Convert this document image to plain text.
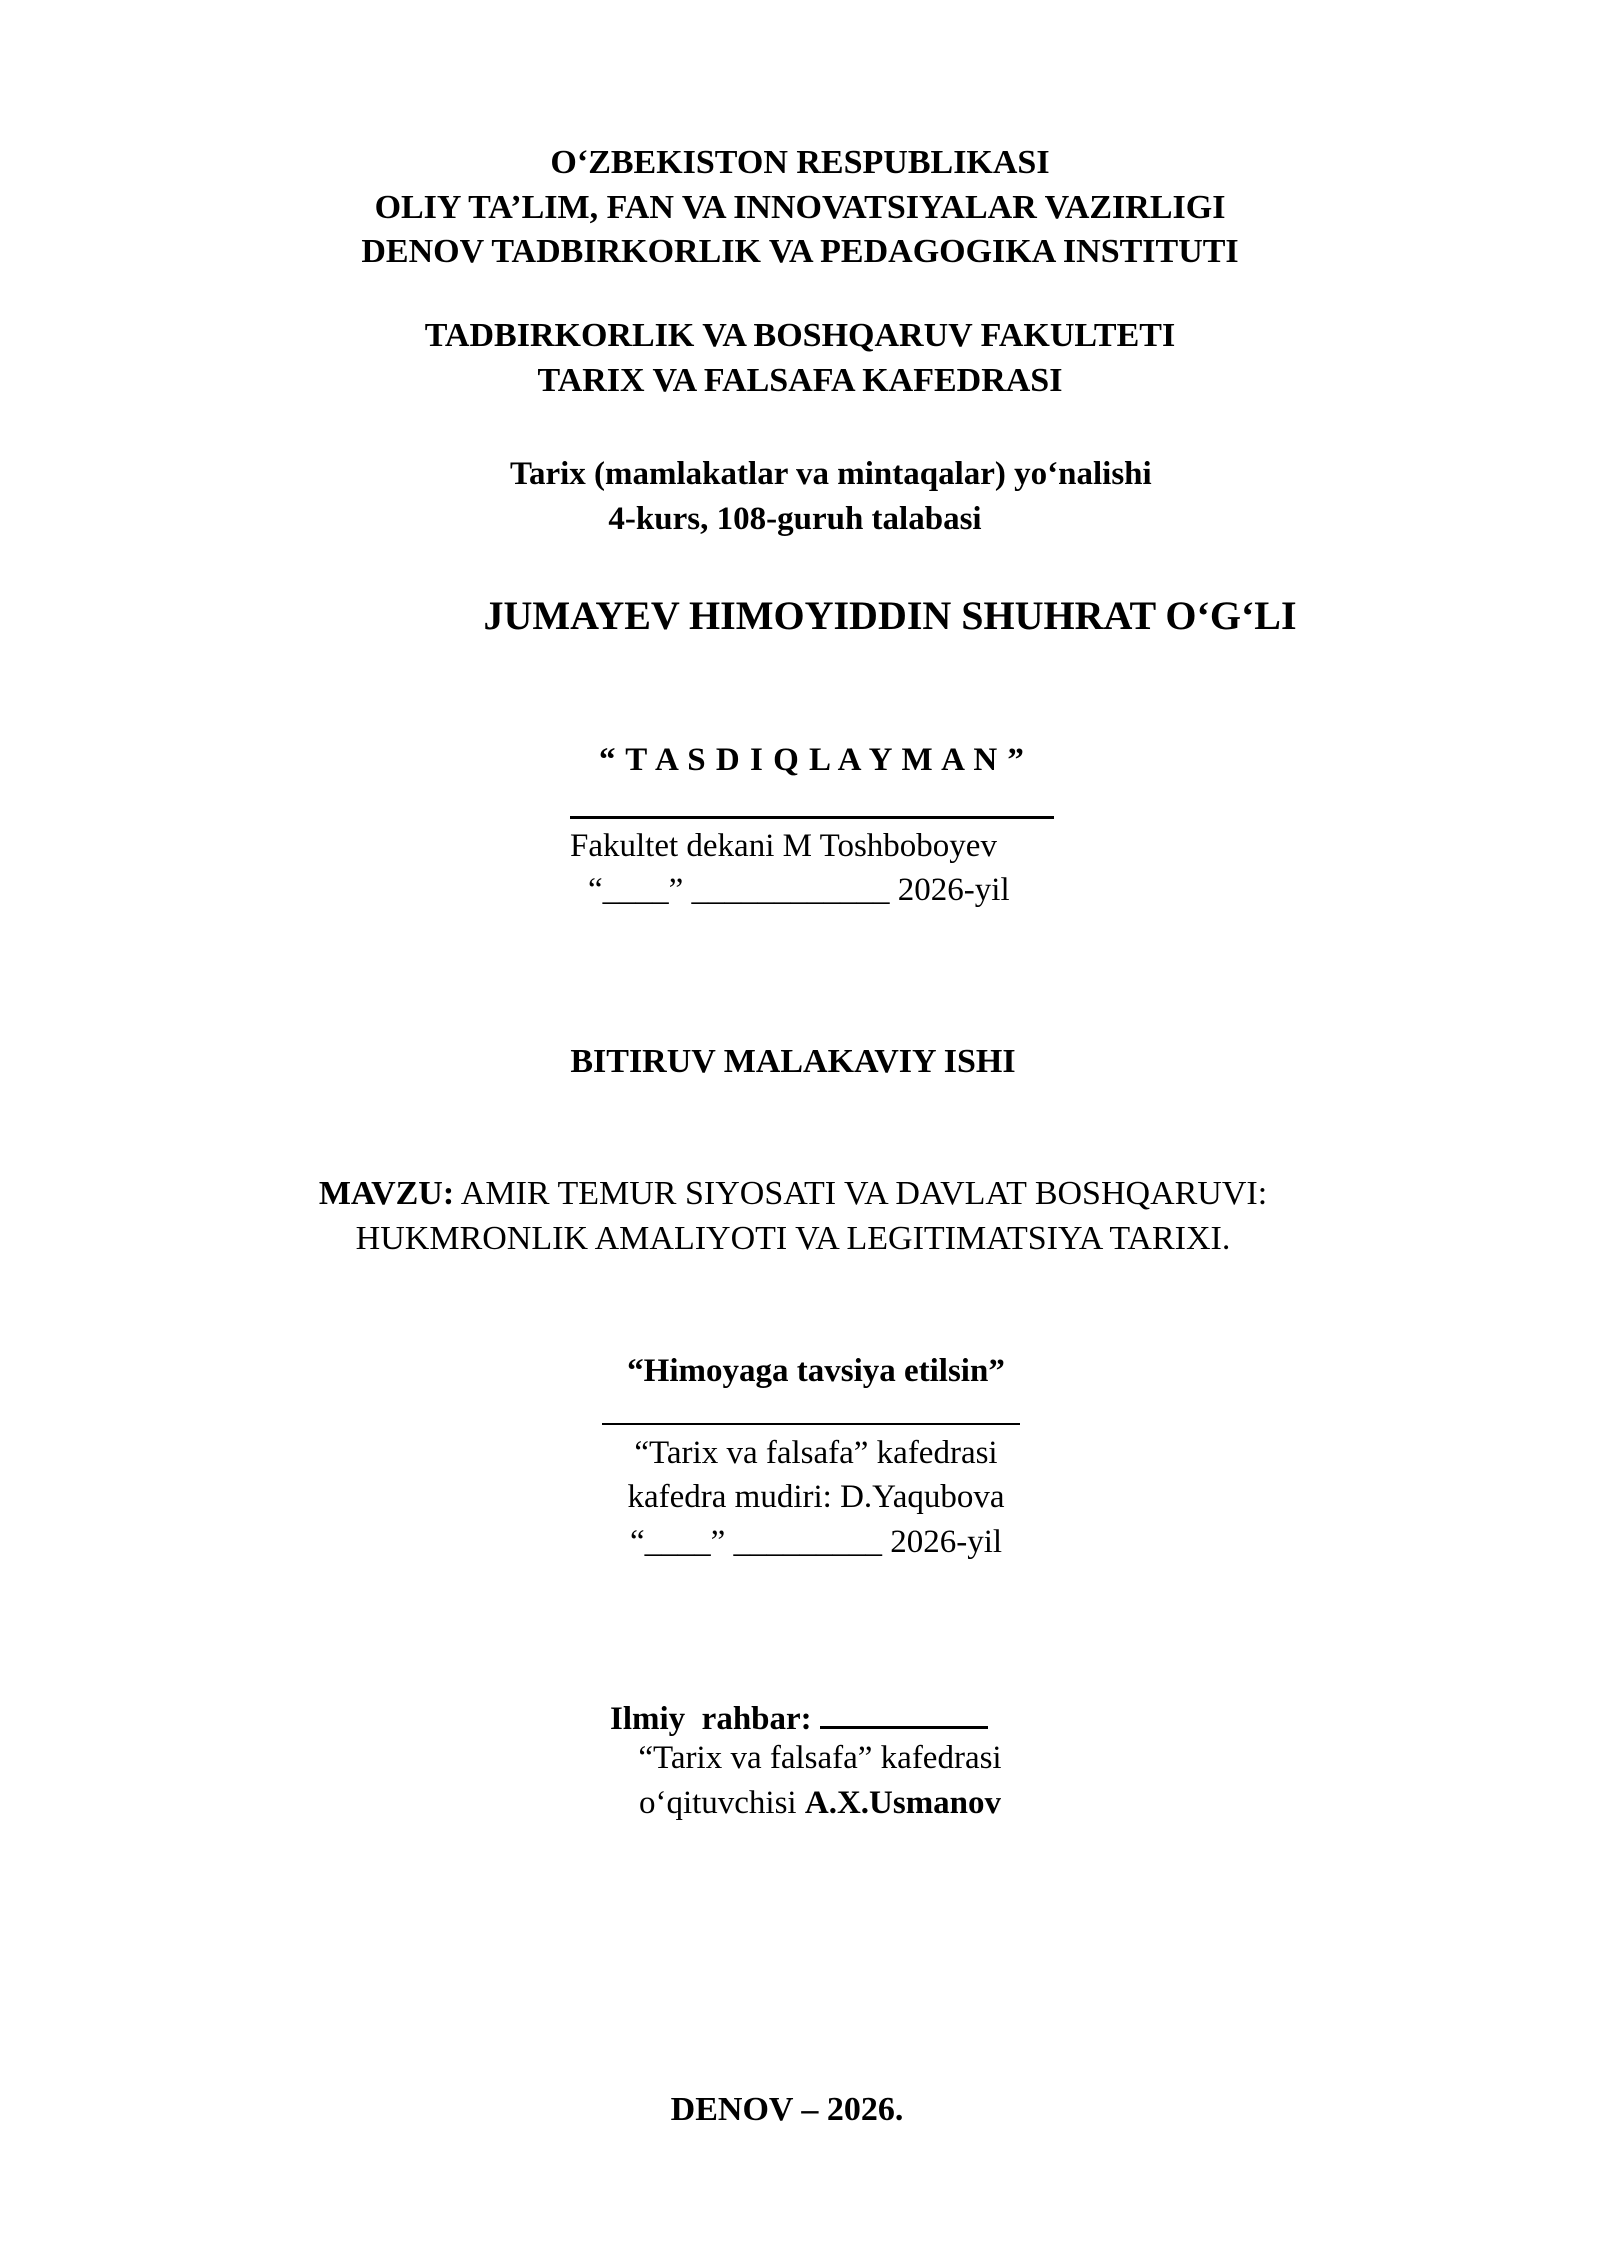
O‘ZBEKISTON RESPUBLIKASI
OLIY TA’LIM, FAN VA INNOVATSIYALAR VAZIRLIGI
DENOV TADBIRKORLIK VA PEDAGOGIKA INSTITUTI
TADBIRKORLIK VA BOSHQARUV FAKULTETI
TARIX VA FALSAFA KAFEDRASI
Tarix (mamlakatlar va mintaqalar) yo‘nalishi
4-kurs, 108-guruh talabasi
JUMAYEV HIMOYIDDIN SHUHRAT O‘G‘LI
“ T A S D I Q L A Y M A N ”
Fakultet dekani M Toshboboyev
“____” ____________ 2026-yil
BITIRUV MALAKAVIY ISHI
MAVZU: AMIR TEMUR SIYOSATI VA DAVLAT BOSHQARUVI:
HUKMRONLIK AMALIYOTI VA LEGITIMATSIYA TARIXI.
“Himoyaga tavsiya etilsin”
“Tarix va falsafa” kafedrasi
kafedra mudiri: D.Yaqubova
“____” _________ 2026-yil
Ilmiy  rahbar:
“Tarix va falsafa” kafedrasi
o‘qituvchisi A.X.Usmanov
DENOV – 2026.
